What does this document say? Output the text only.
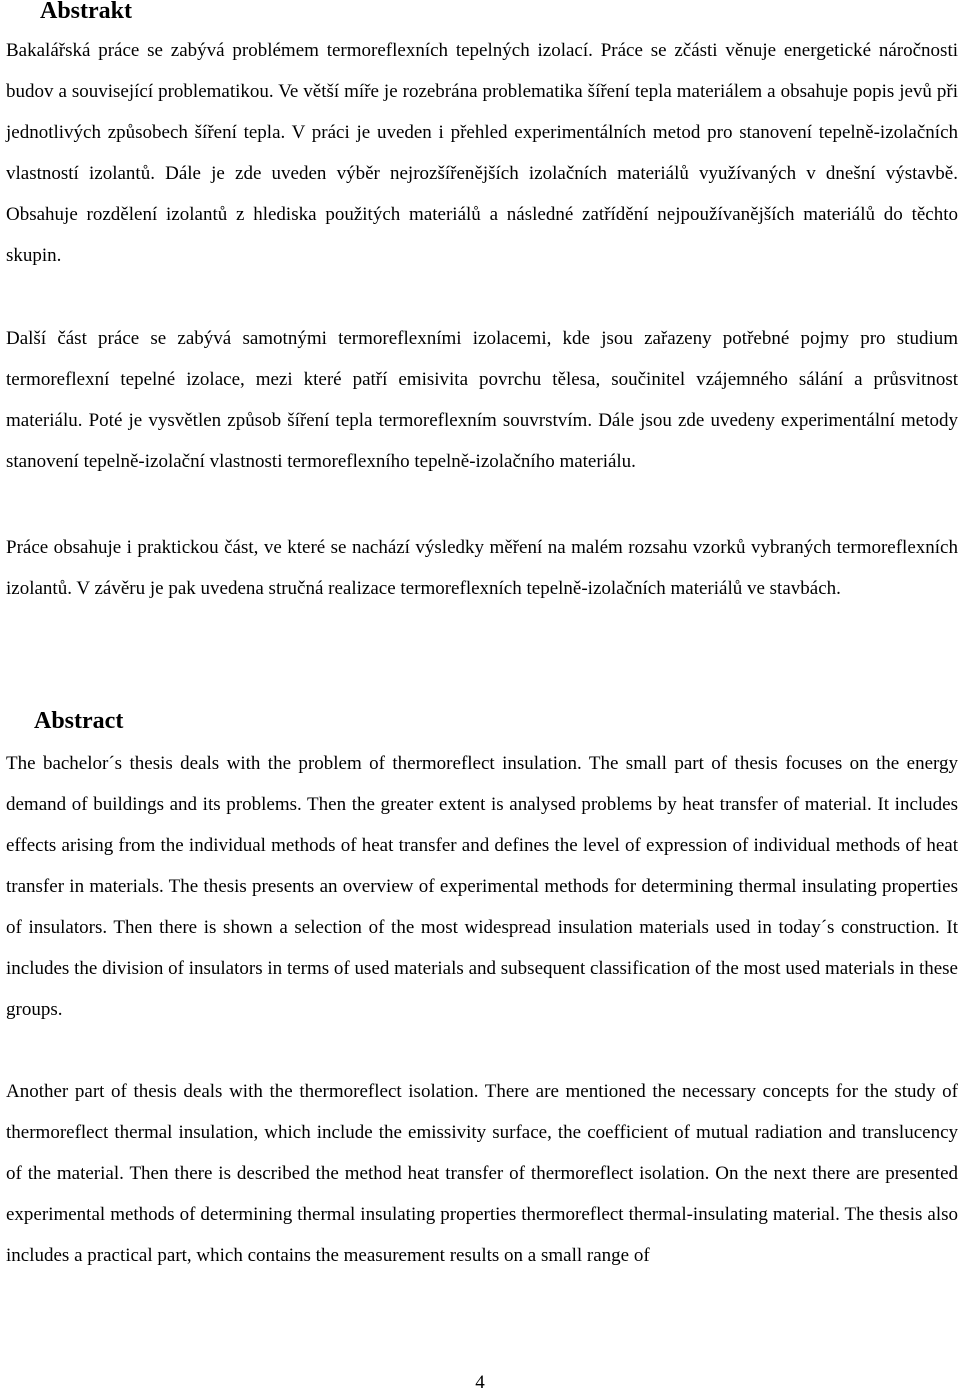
Abstrakt

Bakalářská práce se zabývá problémem termoreflexních tepelných izolací. Práce se zčásti věnuje energetické náročnosti budov a související problematikou. Ve větší míře je rozebrána problematika šíření tepla materiálem a obsahuje popis jevů při jednotlivých způsobech šíření tepla. V práci je uveden i přehled experimentálních metod pro stanovení tepelně-izolačních vlastností izolantů. Dále je zde uveden výběr nejrozšířenějších izolačních materiálů využívaných v dnešní výstavbě. Obsahuje rozdělení izolantů z hlediska použitých materiálů a následné zatřídění nejpoužívanějších materiálů do těchto skupin.

Další část práce se zabývá samotnými termoreflexními izolacemi, kde jsou zařazeny potřebné pojmy pro studium termoreflexní tepelné izolace, mezi které patří emisivita povrchu tělesa, součinitel vzájemného sálání a průsvitnost materiálu. Poté je vysvětlen způsob šíření tepla termoreflexním souvrstvím. Dále jsou zde uvedeny experimentální metody stanovení tepelně-izolační vlastnosti termoreflexního tepelně-izolačního materiálu.

Práce obsahuje i praktickou část, ve které se nachází výsledky měření na malém rozsahu vzorků vybraných termoreflexních izolantů. V závěru je pak uvedena stručná realizace termoreflexních tepelně-izolačních materiálů ve stavbách.

Abstract

The bachelor´s thesis deals with the problem of thermoreflect insulation. The small part of thesis focuses on the energy demand of buildings and its problems. Then the greater extent is analysed problems by heat transfer of material. It includes effects arising from the individual methods of heat transfer and defines the level of expression of individual methods of heat transfer in materials. The thesis presents an overview of experimental methods for determining thermal insulating properties of insulators. Then there is shown a selection of the most widespread insulation materials used in today´s construction. It includes the division of insulators in terms of used materials and subsequent classification of the most used materials in these groups.

Another part of thesis deals with the thermoreflect isolation. There are mentioned the necessary concepts for the study of thermoreflect thermal insulation, which include the emissivity surface, the coefficient of mutual radiation and translucency of the material. Then there is described the method heat transfer of thermoreflect isolation. On the next there are presented experimental methods of determining thermal insulating properties thermoreflect thermal-insulating material. The thesis also includes a practical part, which contains the measurement results on a small range of

4
